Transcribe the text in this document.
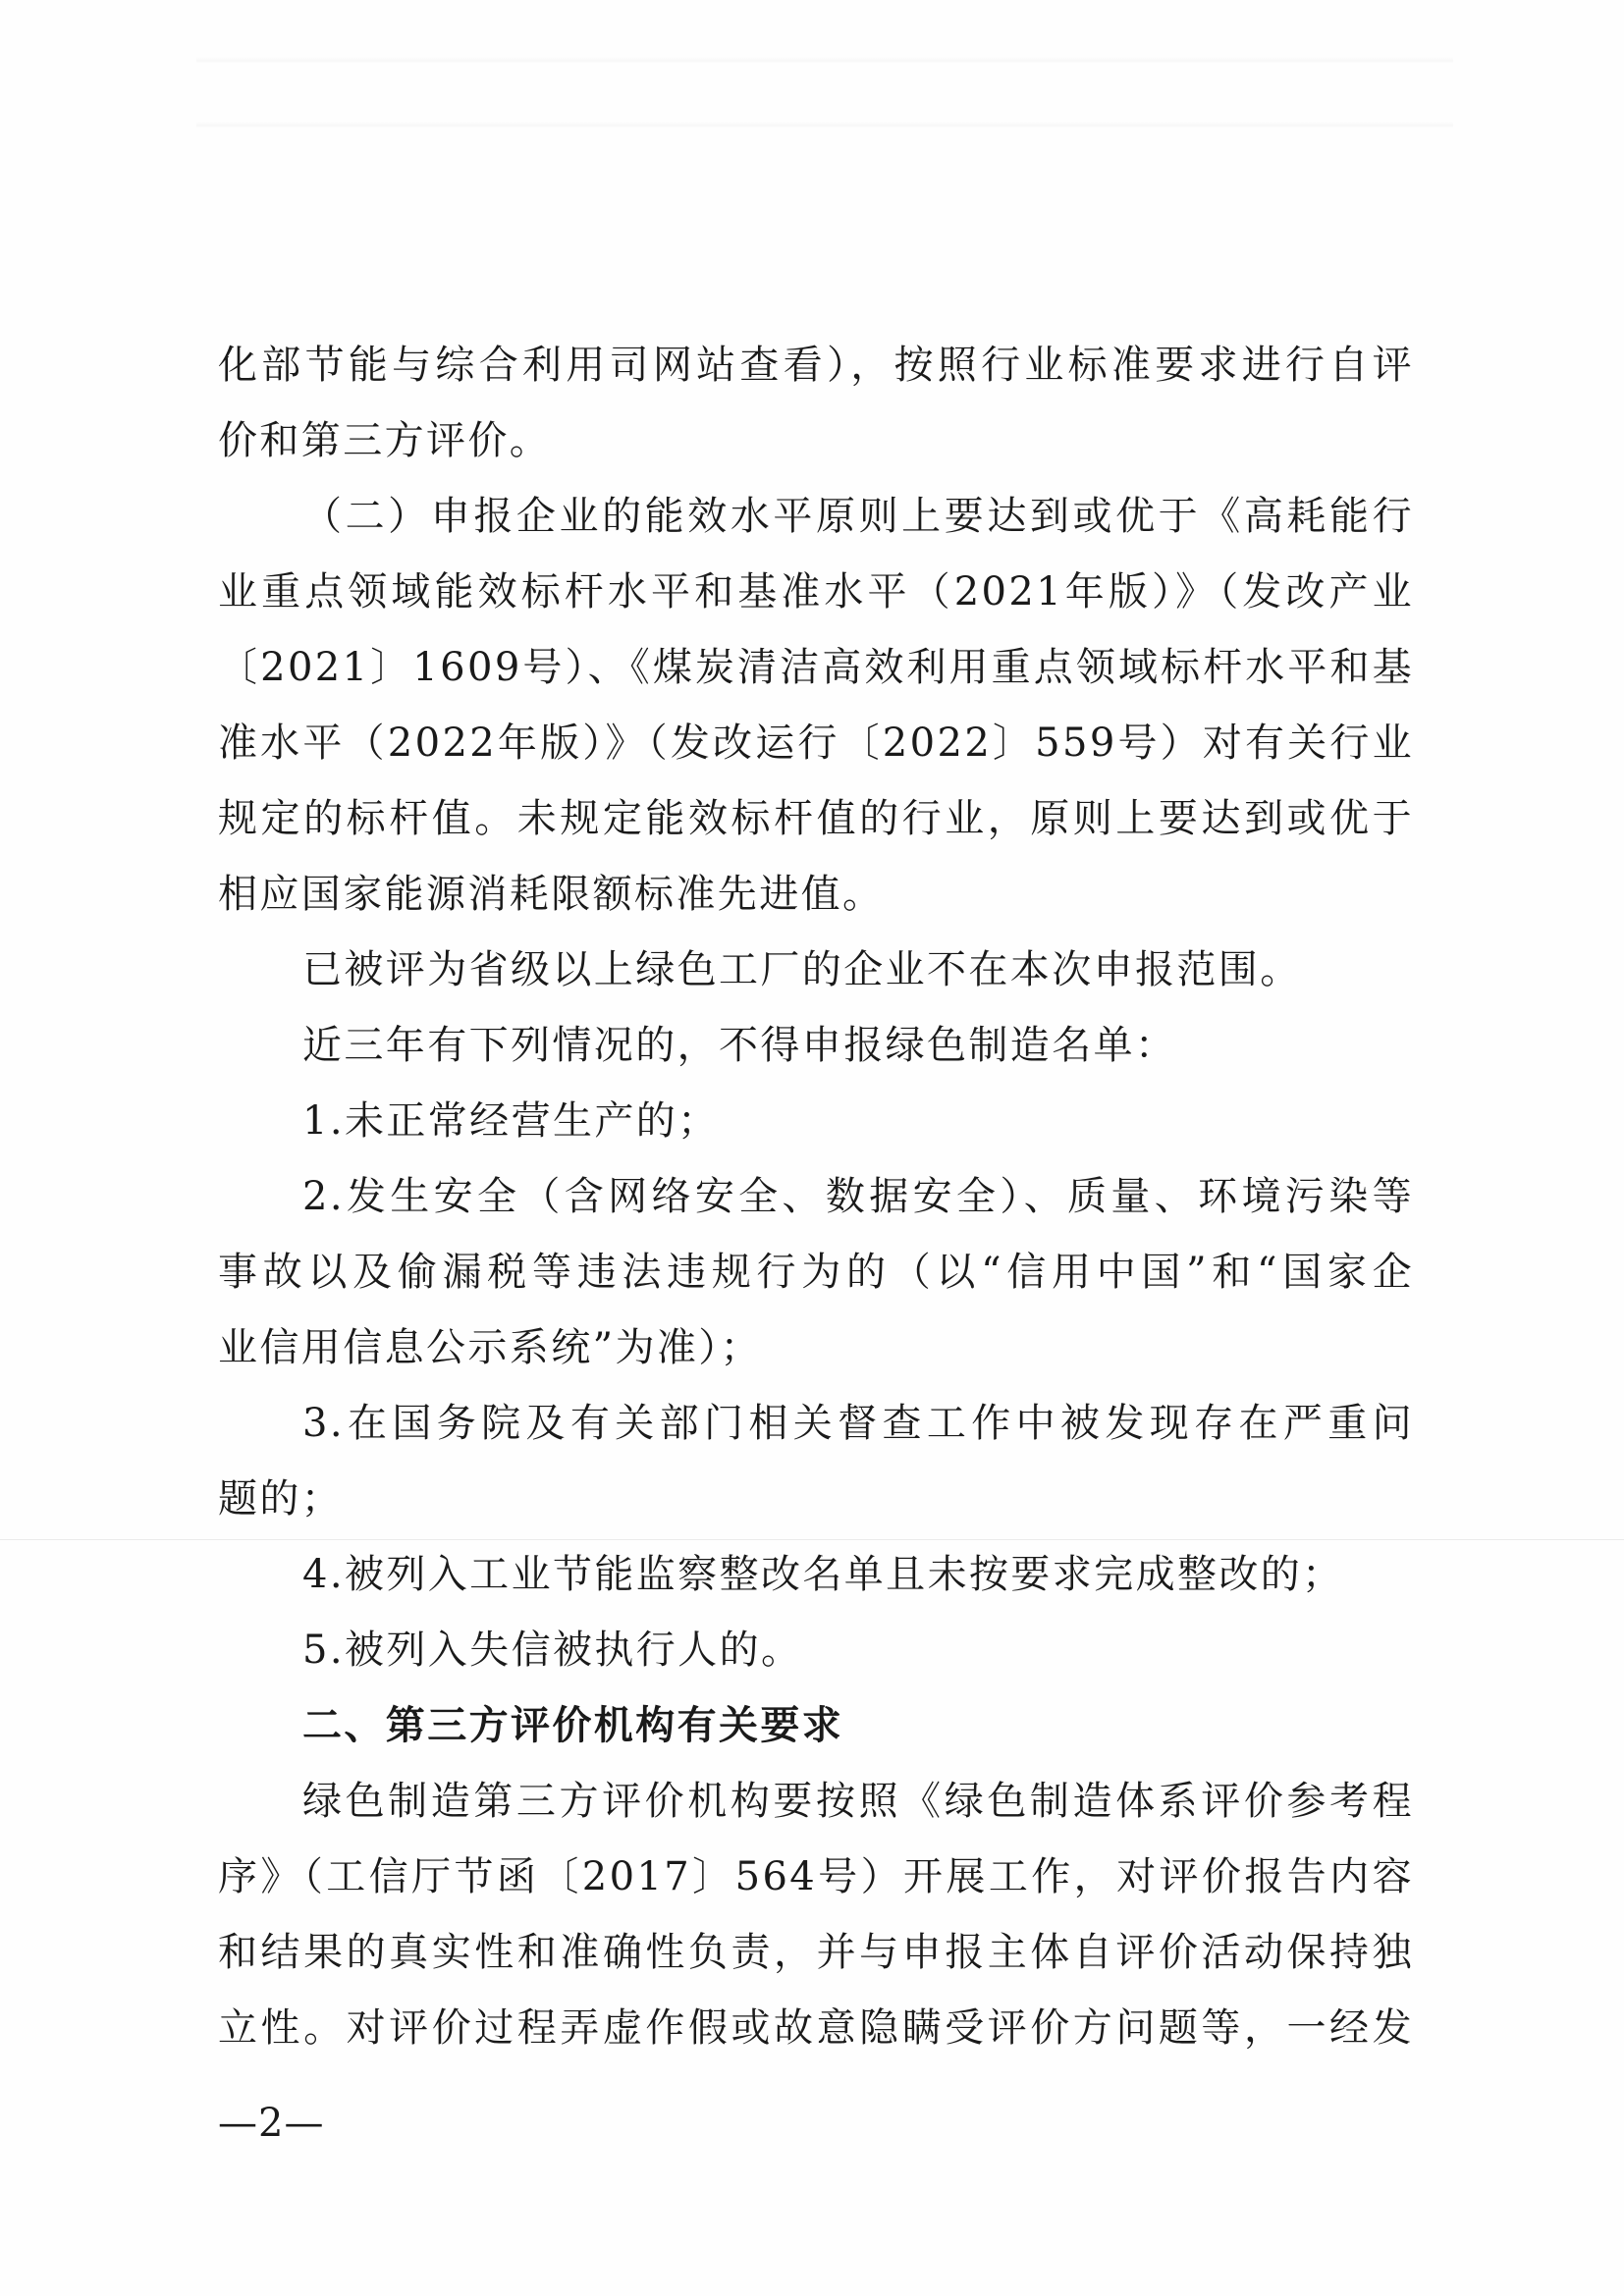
化部节能与综合利用司网站查看），按照行业标准要求进行自评
价和第三方评价。
（二）申报企业的能效水平原则上要达到或优于《高耗能行
业重点领域能效标杆水平和基准水平（2021年版）》（发改产业
〔2021〕1609号）、《煤炭清洁高效利用重点领域标杆水平和基
准水平（2022年版）》（发改运行〔2022〕559号）对有关行业
规定的标杆值。未规定能效标杆值的行业，原则上要达到或优于
相应国家能源消耗限额标准先进值。
已被评为省级以上绿色工厂的企业不在本次申报范围。
近三年有下列情况的，不得申报绿色制造名单：
1.未正常经营生产的；
2.发生安全（含网络安全、数据安全）、质量、环境污染等
事故以及偷漏税等违法违规行为的（以“信用中国”和“国家企
业信用信息公示系统”为准）；
3.在国务院及有关部门相关督查工作中被发现存在严重问
题的；
4.被列入工业节能监察整改名单且未按要求完成整改的；
5.被列入失信被执行人的。
二、第三方评价机构有关要求
绿色制造第三方评价机构要按照《绿色制造体系评价参考程
序》（工信厅节函〔2017〕564号）开展工作，对评价报告内容
和结果的真实性和准确性负责，并与申报主体自评价活动保持独
立性。对评价过程弄虚作假或故意隐瞒受评价方问题等，一经发
—2—
